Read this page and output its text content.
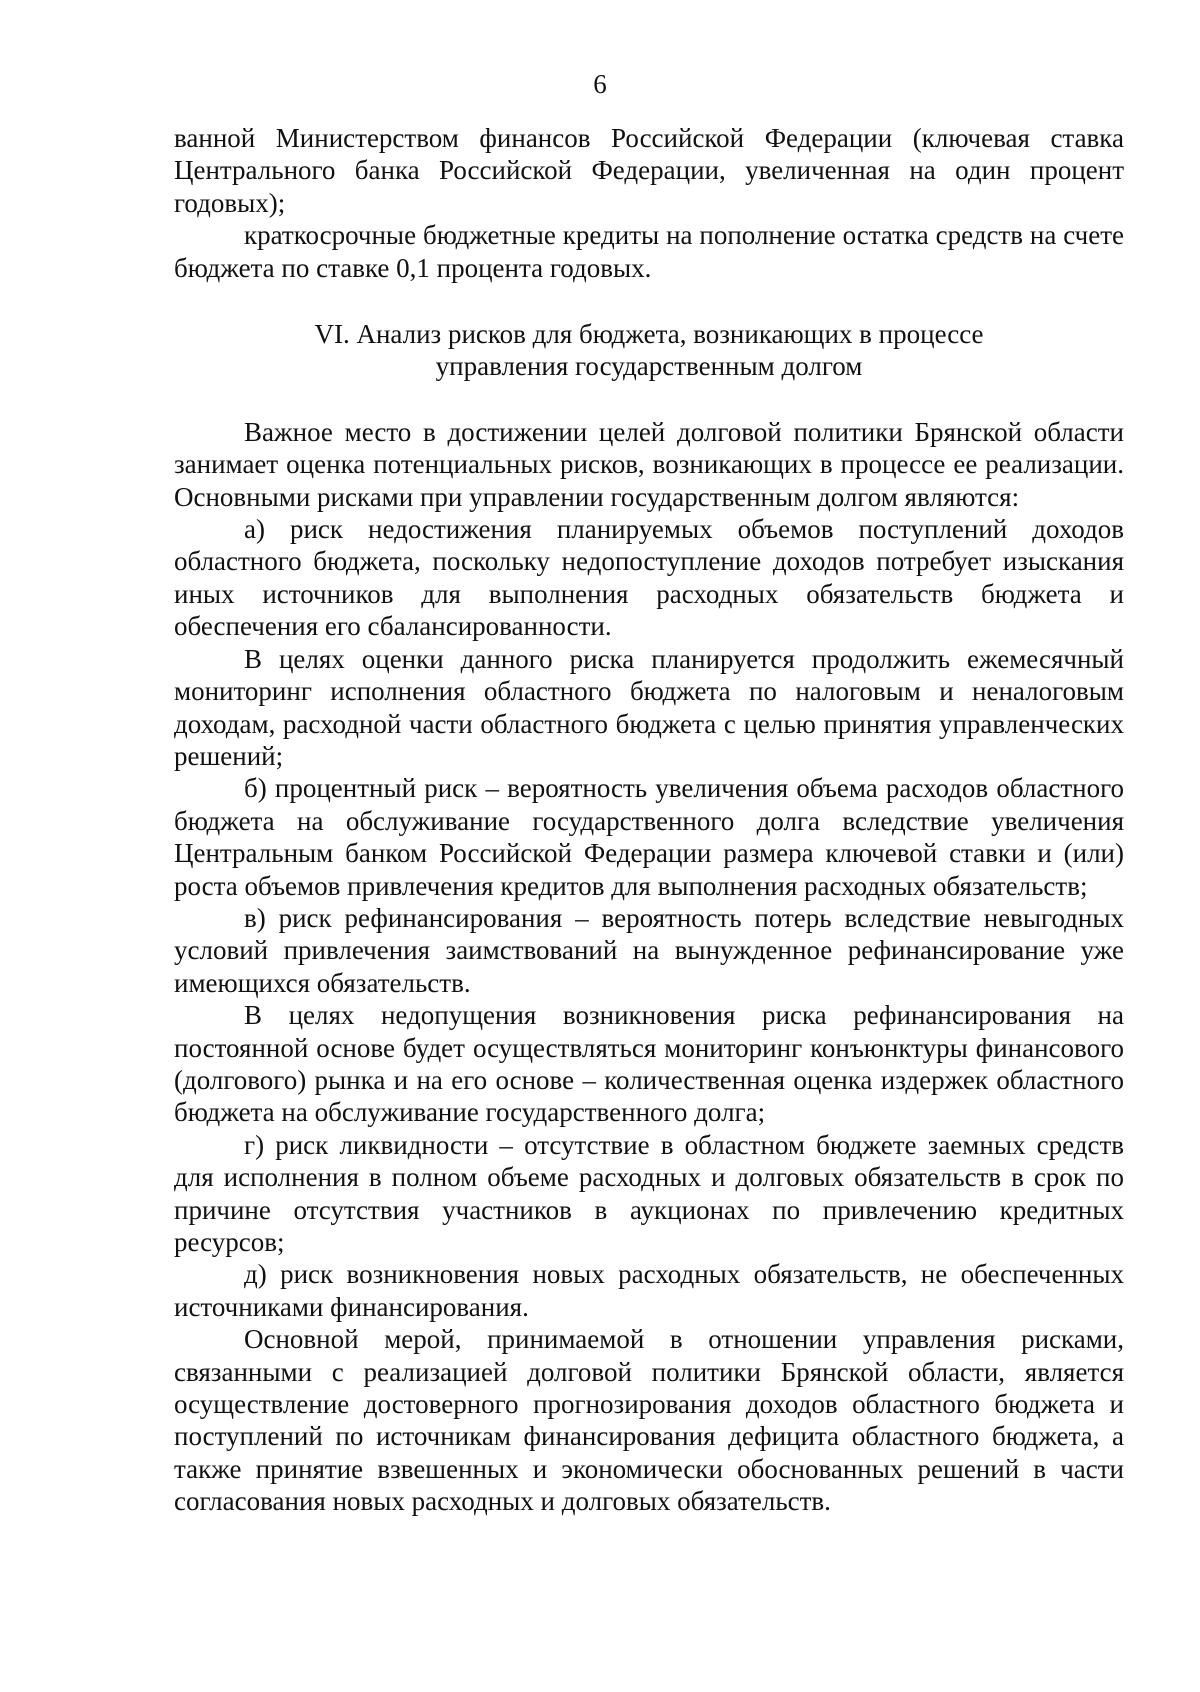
6

ванной Министерством финансов Российской Федерации (ключевая ставка Центрального банка Российской Федерации, увеличенная на один процент годовых);

краткосрочные бюджетные кредиты на пополнение остатка средств на счете бюджета по ставке 0,1 процента годовых.

VI. Анализ рисков для бюджета, возникающих в процессе
управления государственным долгом

Важное место в достижении целей долговой политики Брянской области занимает оценка потенциальных рисков, возникающих в процессе ее реализации. Основными рисками при управлении государственным долгом являются:

а) риск недостижения планируемых объемов поступлений доходов областного бюджета, поскольку недопоступление доходов потребует изыскания иных источников для выполнения расходных обязательств бюджета и обеспечения его сбалансированности.

В целях оценки данного риска планируется продолжить ежемесячный мониторинг исполнения областного бюджета по налоговым и неналоговым доходам, расходной части областного бюджета с целью принятия управленческих решений;

б) процентный риск – вероятность увеличения объема расходов областного бюджета на обслуживание государственного долга вследствие увеличения Центральным банком Российской Федерации размера ключевой ставки и (или) роста объемов привлечения кредитов для выполнения расходных обязательств;

в) риск рефинансирования – вероятность потерь вследствие невыгодных условий привлечения заимствований на вынужденное рефинансирование уже имеющихся обязательств.

В целях недопущения возникновения риска рефинансирования на постоянной основе будет осуществляться мониторинг конъюнктуры финансового (долгового) рынка и на его основе – количественная оценка издержек областного бюджета на обслуживание государственного долга;

г) риск ликвидности – отсутствие в областном бюджете заемных средств для исполнения в полном объеме расходных и долговых обязательств в срок по причине отсутствия участников в аукционах по привлечению кредитных ресурсов;

д) риск возникновения новых расходных обязательств, не обеспеченных источниками финансирования.

Основной мерой, принимаемой в отношении управления рисками, связанными с реализацией долговой политики Брянской области, является осуществление достоверного прогнозирования доходов областного бюджета и поступлений по источникам финансирования дефицита областного бюджета, а также принятие взвешенных и экономически обоснованных решений в части согласования новых расходных и долговых обязательств.
